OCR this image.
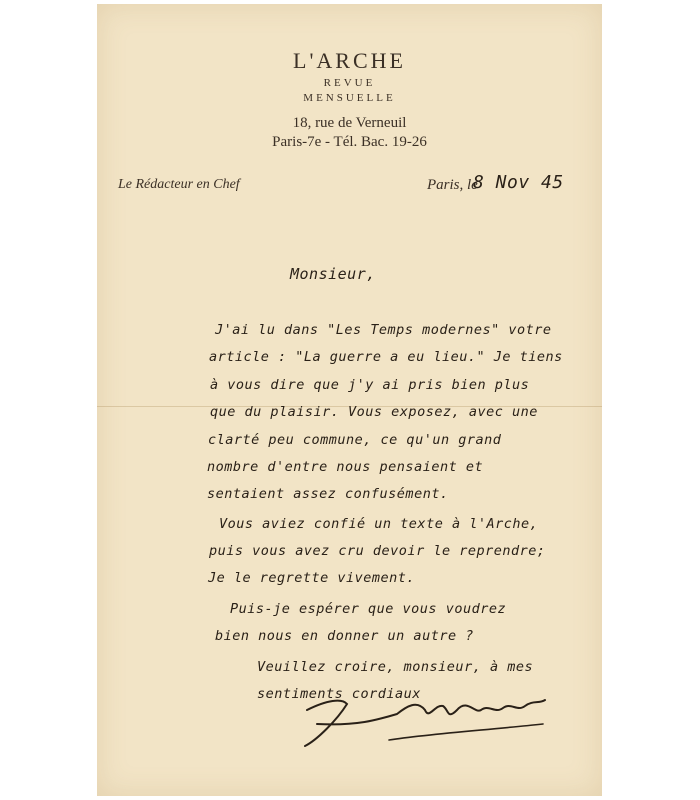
L'ARCHE
REVUE
MENSUELLE
18, rue de Verneuil
Paris-7e - Tél. Bac. 19-26
Le Rédacteur en Chef	Paris, le
8 Nov 45
Monsieur,
J'ai lu dans "Les Temps modernes" votre
article : "La guerre a eu lieu." Je tiens
à vous dire que j'y ai pris bien plus
que du plaisir. Vous exposez, avec une
clarté peu commune, ce qu'un grand
nombre d'entre nous pensaient et
sentaient assez confusément.
Vous aviez confié un texte à l'Arche,
puis vous avez cru devoir le reprendre;
Je le regrette vivement.
Puis-je espérer que vous voudrez
bien nous en donner un autre ?
Veuillez croire, monsieur, à mes
sentiments cordiaux
